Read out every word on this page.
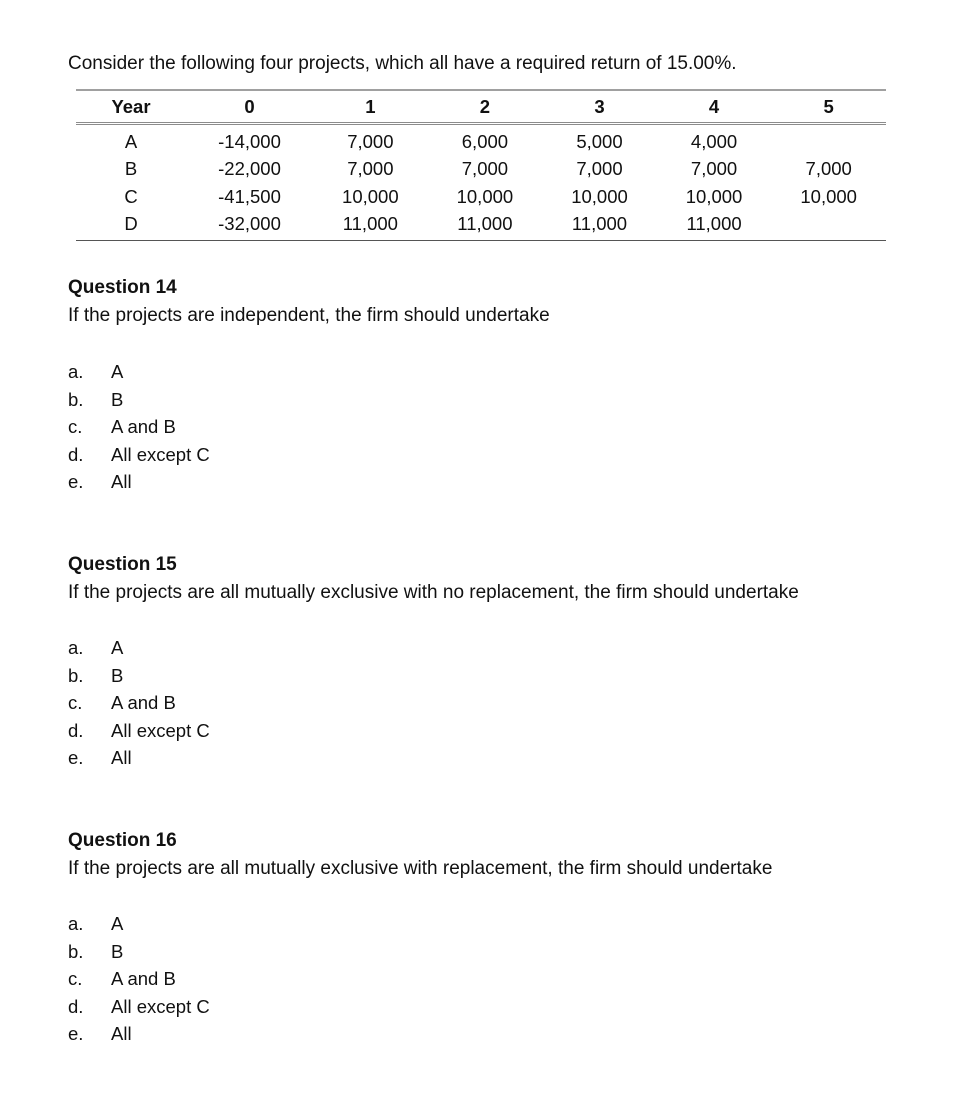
Consider the following four projects, which all have a required return of 15.00%.
Year	0	1	2	3	4	5
A	-14,000	7,000	6,000	5,000	4,000	
B	-22,000	7,000	7,000	7,000	7,000	7,000
C	-41,500	10,000	10,000	10,000	10,000	10,000
D	-32,000	11,000	11,000	11,000	11,000	

Question 14

If the projects are independent, the firm should undertake

a. A
b. B
c. A and B
d. All except C
e. All

Question 15

If the projects are all mutually exclusive with no replacement, the firm should undertake

a. A
b. B
c. A and B
d. All except C
e. All

Question 16

If the projects are all mutually exclusive with replacement, the firm should undertake

a. A
b. B
c. A and B
d. All except C
e. All
